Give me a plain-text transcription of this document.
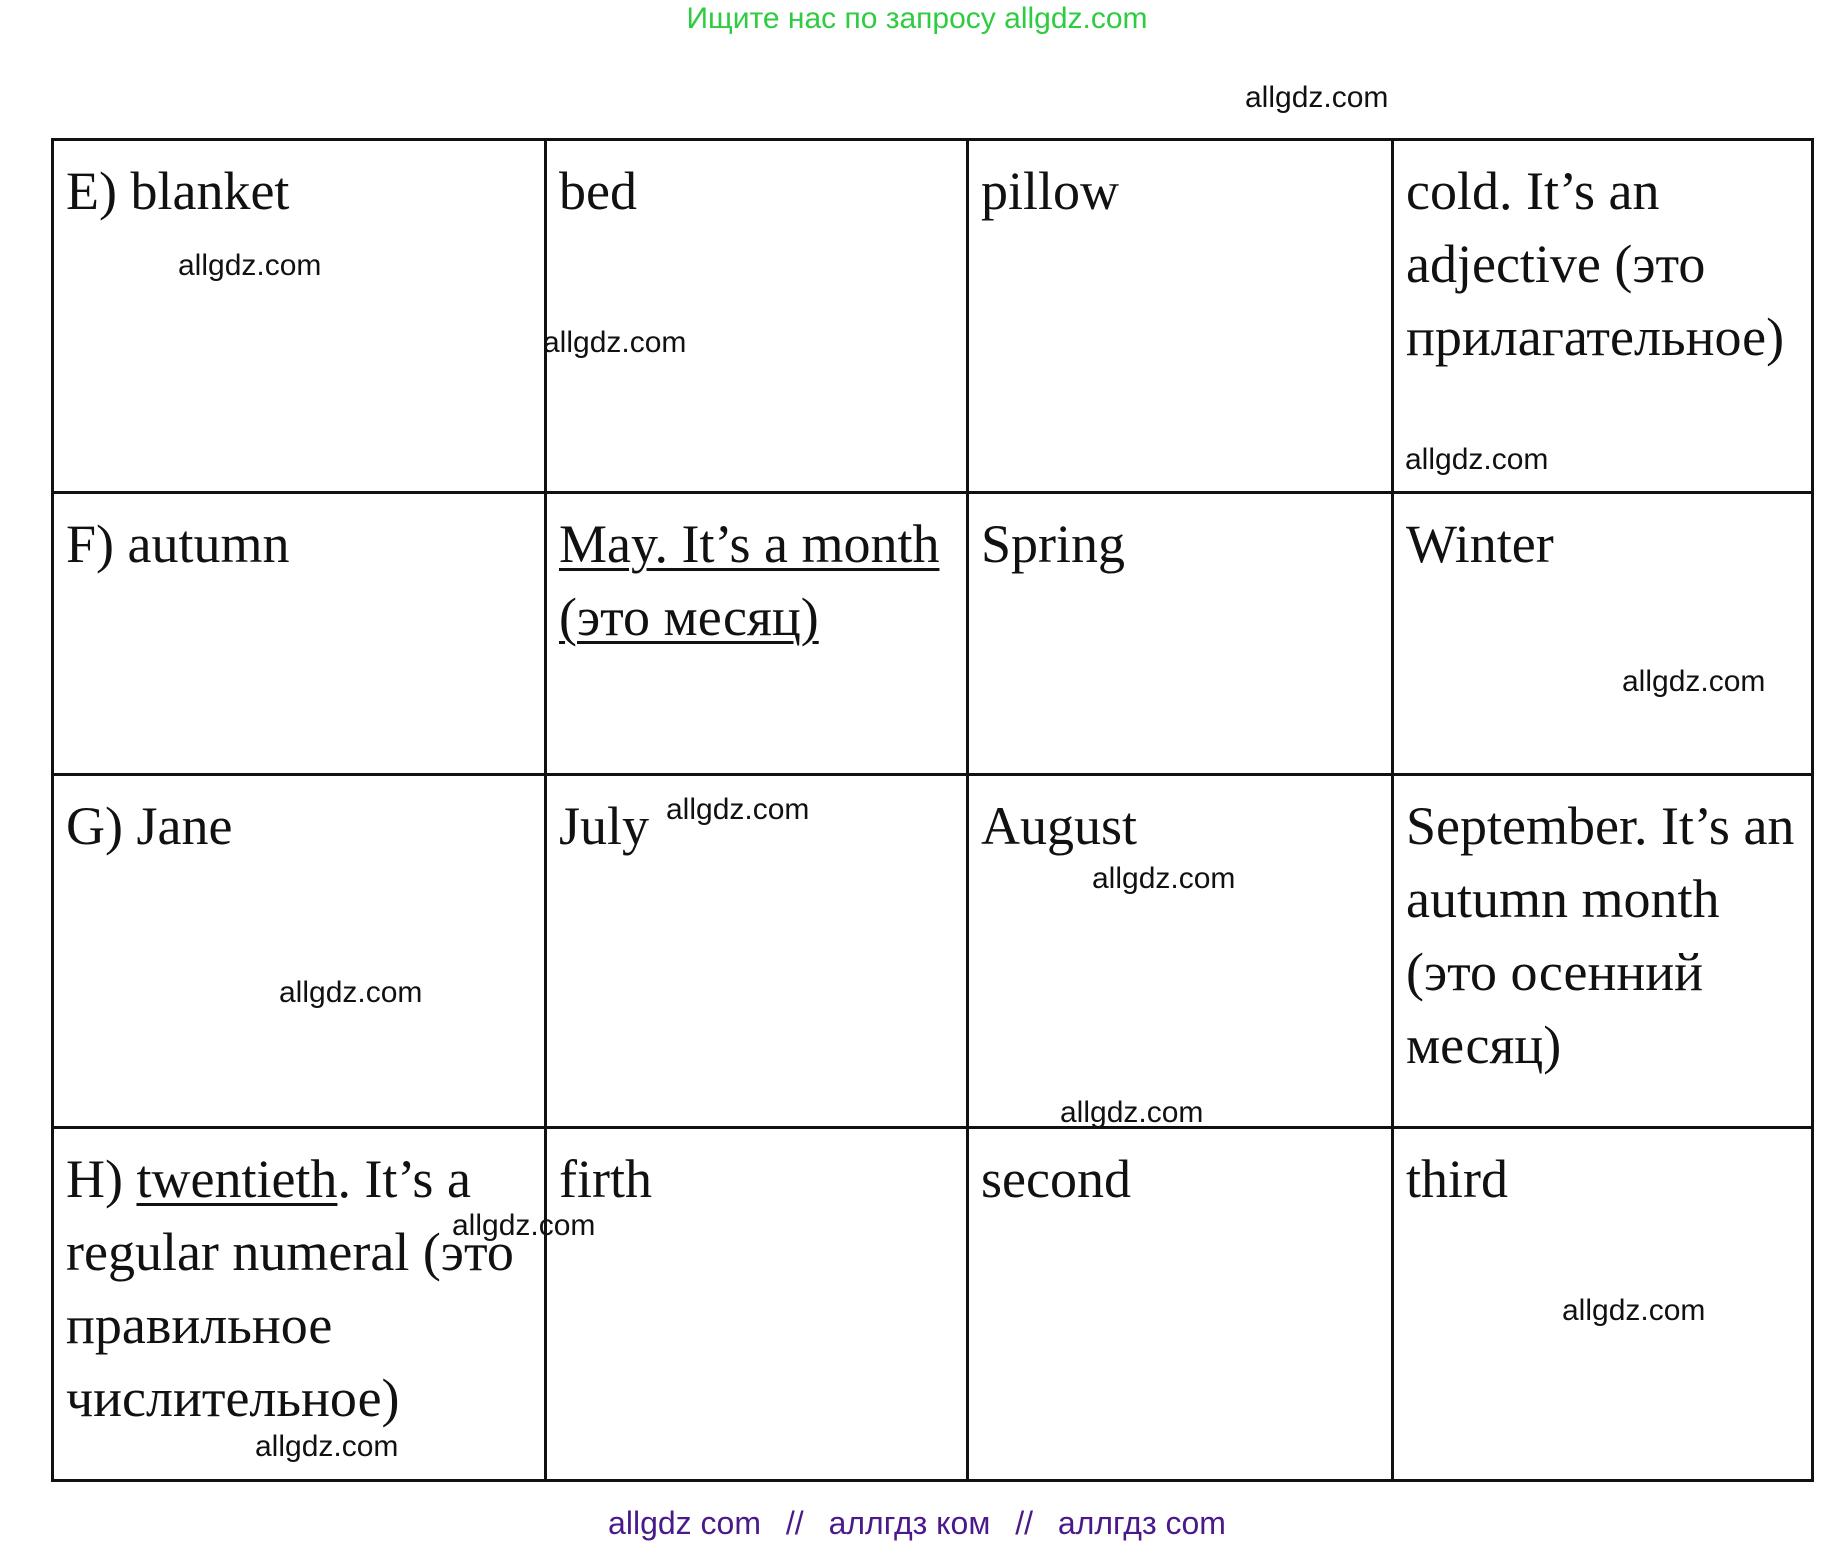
Ищите нас по запросу allgdz.com
E) blanket	bed	pillow	cold. It’s an adjective (это прилагательное)
F) autumn	May. It’s a month (это месяц)	Spring	Winter
G) Jane	July	August	September. It’s an autumn month (это осенний месяц)
H) twentieth. It’s a regular numeral (это правильное числительное)	firth	second	third
allgdz.com
allgdz.com
allgdz.com
allgdz.com
allgdz.com
allgdz.com
allgdz.com
allgdz.com
allgdz.com
allgdz.com
allgdz.com
allgdz.com
allgdz com // аллгдз ком // аллгдз com
